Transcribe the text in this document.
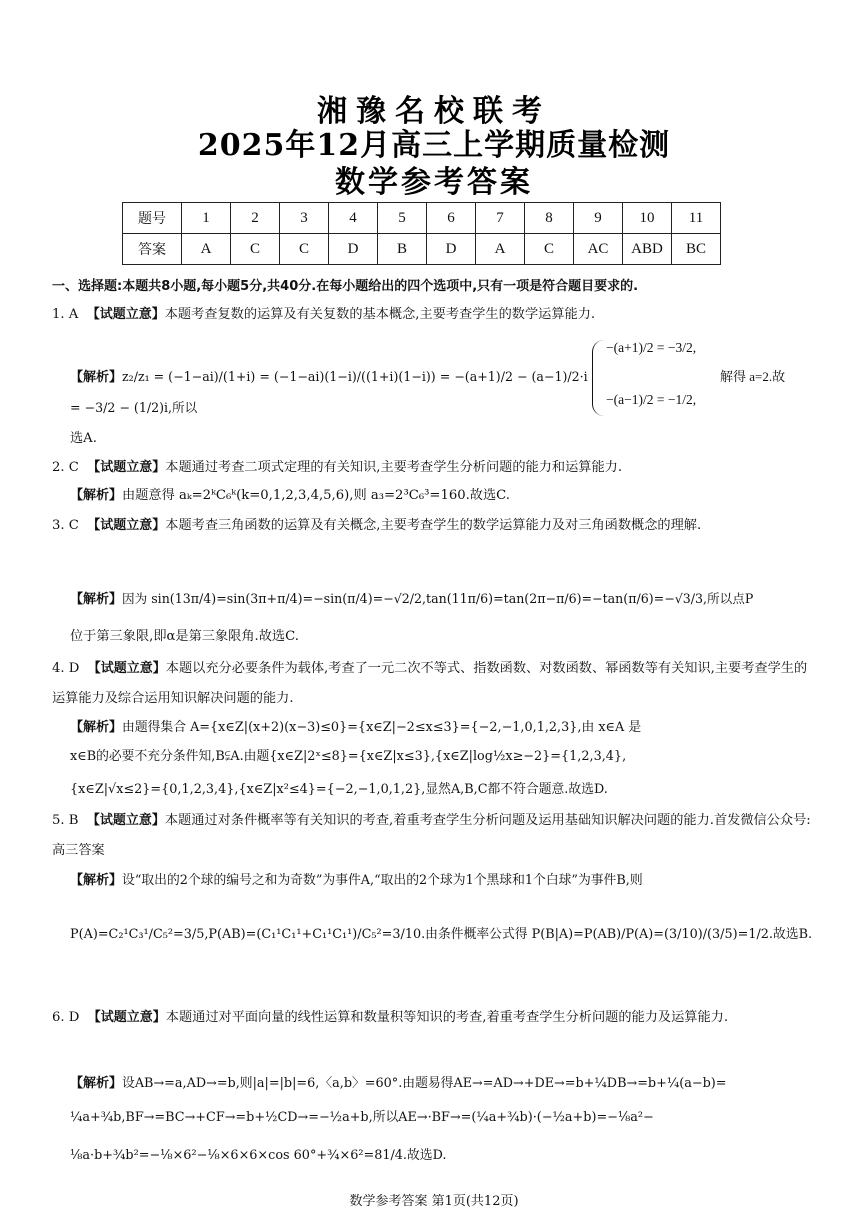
湘豫名校联考
2025年12月高三上学期质量检测
数学参考答案
题号	1	2	3	4	5	6	7	8	9	10	11
答案	A	C	C	D	B	D	A	C	AC	ABD	BC
一、选择题:本题共8小题,每小题5分,共40分.在每小题给出的四个选项中,只有一项是符合题目要求的.
1. A 【试题立意】本题考查复数的运算及有关复数的基本概念,主要考查学生的数学运算能力.
【解析】z₂/z₁ = (−1−ai)/(1+i) = (−1−ai)(1−i)/((1+i)(1−i)) = −(a+1)/2 − (a−1)/2·i = −3/2 − (1/2)i,所以
−(a+1)/2 = −3/2,
−(a−1)/2 = −1/2,
解得 a=2.故
选A.
2. C 【试题立意】本题通过考查二项式定理的有关知识,主要考查学生分析问题的能力和运算能力.
【解析】由题意得 aₖ=2ᵏC₆ᵏ(k=0,1,2,3,4,5,6),则 a₃=2³C₆³=160.故选C.
3. C 【试题立意】本题考查三角函数的运算及有关概念,主要考查学生的数学运算能力及对三角函数概念的理解.
【解析】因为 sin(13π/4)=sin(3π+π/4)=−sin(π/4)=−√2/2,tan(11π/6)=tan(2π−π/6)=−tan(π/6)=−√3/3,所以点P
位于第三象限,即α是第三象限角.故选C.
4. D 【试题立意】本题以充分必要条件为载体,考查了一元二次不等式、指数函数、对数函数、幂函数等有关知识,主要考查学生的运算能力及综合运用知识解决问题的能力.
【解析】由题得集合 A={x∈Z|(x+2)(x−3)≤0}={x∈Z|−2≤x≤3}={−2,−1,0,1,2,3},由 x∈A 是
x∈B的必要不充分条件知,B⫋A.由题{x∈Z|2ˣ≤8}={x∈Z|x≤3},{x∈Z|log½x≥−2}={1,2,3,4},
{x∈Z|√x≤2}={0,1,2,3,4},{x∈Z|x²≤4}={−2,−1,0,1,2},显然A,B,C都不符合题意.故选D.
5. B 【试题立意】本题通过对条件概率等有关知识的考查,着重考查学生分析问题及运用基础知识解决问题的能力.首发微信公众号:高三答案
【解析】设“取出的2个球的编号之和为奇数”为事件A,“取出的2个球为1个黑球和1个白球”为事件B,则
P(A)=C₂¹C₃¹/C₅²=3/5,P(AB)=(C₁¹C₁¹+C₁¹C₁¹)/C₅²=3/10.由条件概率公式得 P(B|A)=P(AB)/P(A)=(3/10)/(3/5)=1/2.故选B.
6. D 【试题立意】本题通过对平面向量的线性运算和数量积等知识的考查,着重考查学生分析问题的能力及运算能力.
【解析】设AB→=a,AD→=b,则|a|=|b|=6,〈a,b〉=60°.由题易得AE→=AD→+DE→=b+¼DB→=b+¼(a−b)=
¼a+¾b,BF→=BC→+CF→=b+½CD→=−½a+b,所以AE→·BF→=(¼a+¾b)·(−½a+b)=−⅛a²−
⅛a·b+¾b²=−⅛×6²−⅛×6×6×cos 60°+¾×6²=81/4.故选D.
数学参考答案 第1页(共12页)
